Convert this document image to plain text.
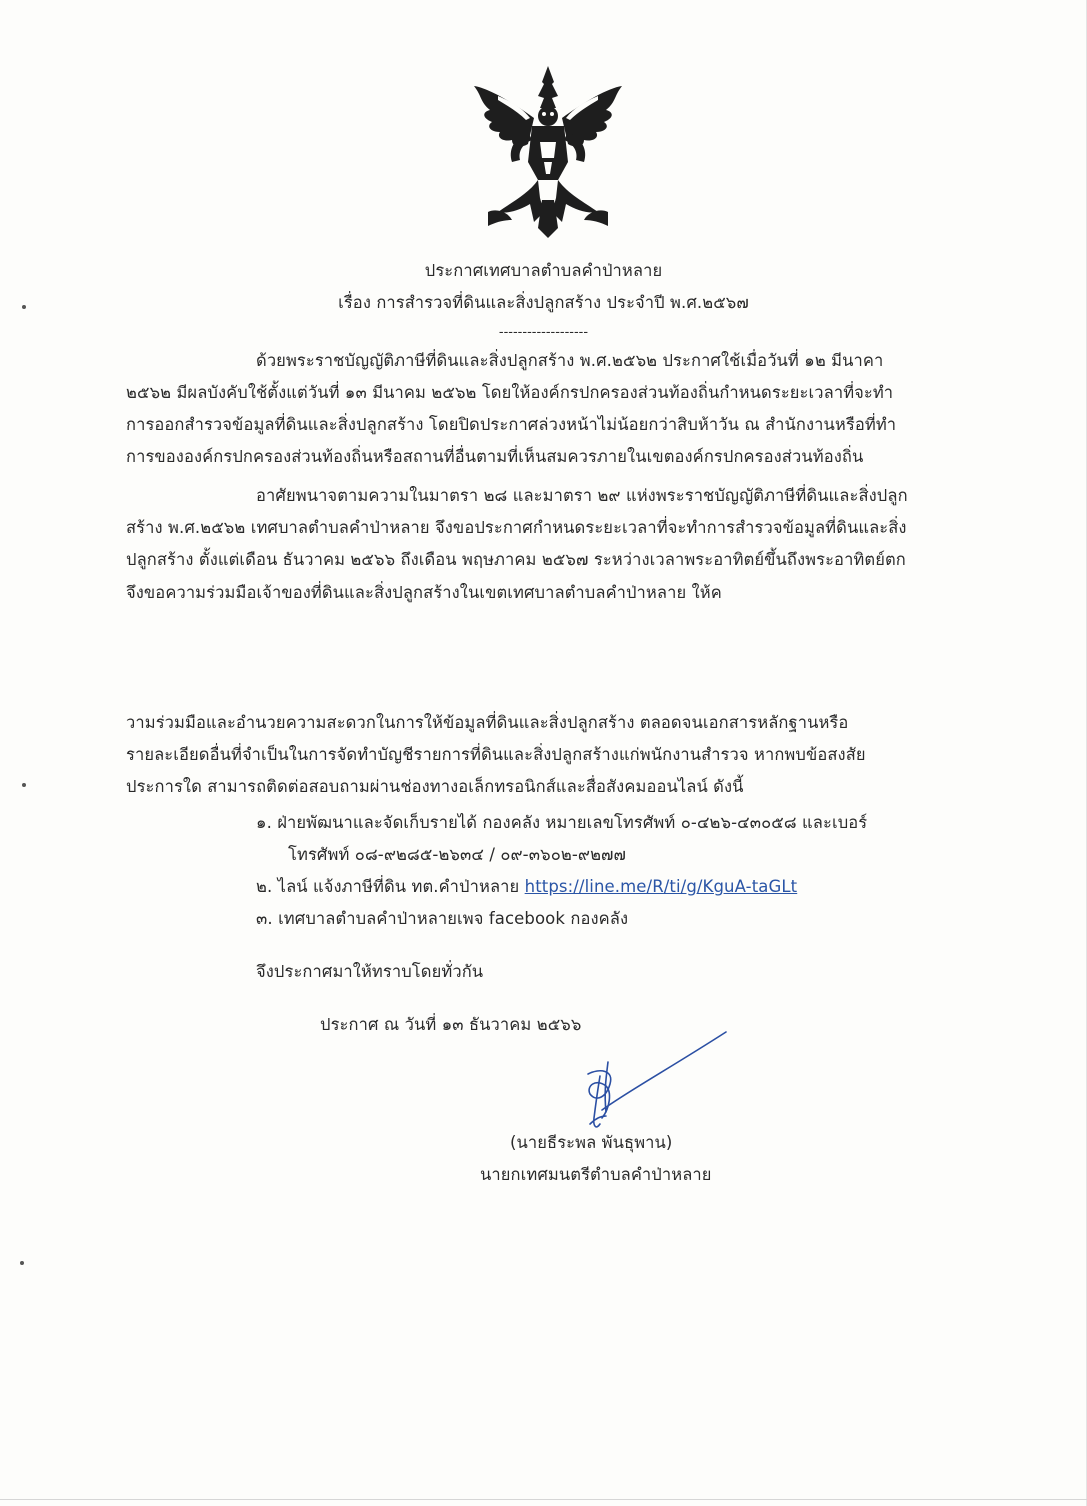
ประกาศเทศบาลตำบลคำป่าหลาย
เรื่อง การสำรวจที่ดินและสิ่งปลูกสร้าง ประจำปี พ.ศ.๒๕๖๗
-------------------
ด้วยพระราชบัญญัติภาษีที่ดินและสิ่งปลูกสร้าง พ.ศ.๒๕๖๒ ประกาศใช้เมื่อวันที่ ๑๒ มีนาคา
๒๕๖๒ มีผลบังคับใช้ตั้งแต่วันที่ ๑๓ มีนาคม ๒๕๖๒ โดยให้องค์กรปกครองส่วนท้องถิ่นกำหนดระยะเวลาที่จะทำ
การออกสำรวจข้อมูลที่ดินและสิ่งปลูกสร้าง โดยปิดประกาศล่วงหน้าไม่น้อยกว่าสิบห้าวัน ณ สำนักงานหรือที่ทำ
การขององค์กรปกครองส่วนท้องถิ่นหรือสถานที่อื่นตามที่เห็นสมควรภายในเขตองค์กรปกครองส่วนท้องถิ่น
อาศัยพนาจตามความในมาตรา ๒๘ และมาตรา ๒๙ แห่งพระราชบัญญัติภาษีที่ดินและสิ่งปลูก
สร้าง พ.ศ.๒๕๖๒ เทศบาลตำบลคำป่าหลาย จึงขอประกาศกำหนดระยะเวลาที่จะทำการสำรวจข้อมูลที่ดินและสิ่ง
ปลูกสร้าง ตั้งแต่เดือน ธันวาคม ๒๕๖๖ ถึงเดือน พฤษภาคม ๒๕๖๗ ระหว่างเวลาพระอาทิตย์ขึ้นถึงพระอาทิตย์ตก
จึงขอความร่วมมือเจ้าของที่ดินและสิ่งปลูกสร้างในเขตเทศบาลตำบลคำป่าหลาย ให้ค
วามร่วมมือและอำนวยความสะดวกในการให้ข้อมูลที่ดินและสิ่งปลูกสร้าง ตลอดจนเอกสารหลักฐานหรือ
รายละเอียดอื่นที่จำเป็นในการจัดทำบัญชีรายการที่ดินและสิ่งปลูกสร้างแก่พนักงานสำรวจ หากพบข้อสงสัย
ประการใด สามารถติดต่อสอบถามผ่านช่องทางอเล็กทรอนิกส์และสื่อสังคมออนไลน์ ดังนี้
๑. ฝ่ายพัฒนาและจัดเก็บรายได้ กองคลัง หมายเลขโทรศัพท์ ๐-๔๒๖-๔๓๐๕๘ และเบอร์
โทรศัพท์ ๐๘-๙๒๘๕-๒๖๓๔ / ๐๙-๓๖๐๒-๙๒๗๗
๒. ไลน์ แจ้งภาษีที่ดิน ทต.คำป่าหลาย https://line.me/R/ti/g/KguA-taGLt
๓. เทศบาลตำบลคำป่าหลายเพจ facebook กองคลัง
จึงประกาศมาให้ทราบโดยทั่วกัน
ประกาศ ณ วันที่ ๑๓ ธันวาคม ๒๕๖๖
(นายธีระพล พันธุพาน)
นายกเทศมนตรีตำบลคำป่าหลาย
